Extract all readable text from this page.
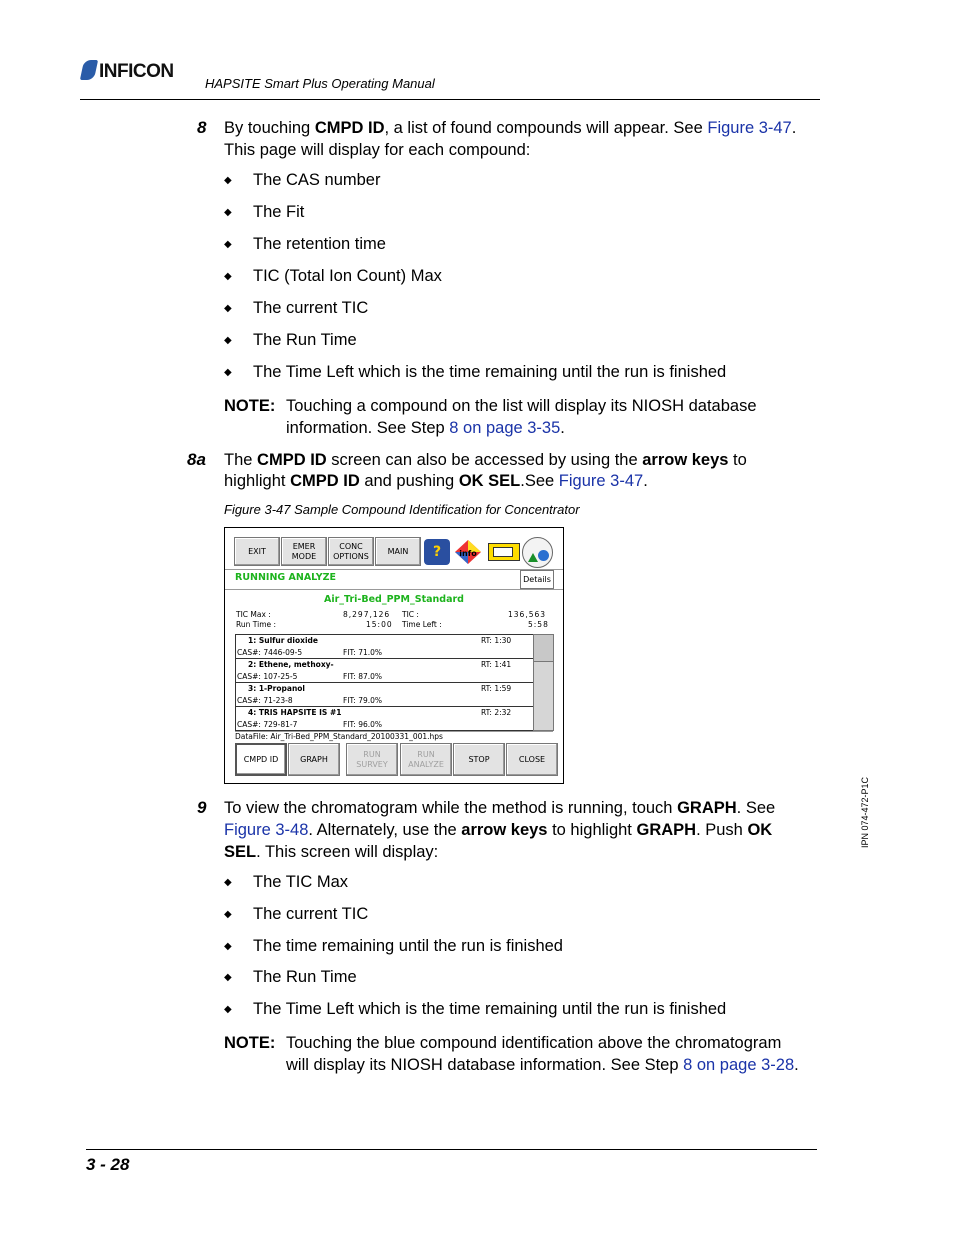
INFICON
HAPSITE Smart Plus Operating Manual
8 By touching CMPD ID, a list of found compounds will appear. See Figure 3-47.
This page will display for each compound:
◆ The CAS number
◆ The Fit
◆ The retention time
◆ TIC (Total Ion Count) Max
◆ The current TIC
◆ The Run Time
◆ The Time Left which is the time remaining until the run is finished
NOTE: Touching a compound on the list will display its NIOSH database
information. See Step 8 on page 3-35.
8a The CMPD ID screen can also be accessed by using the arrow keys to
highlight CMPD ID and pushing OK SEL.See Figure 3-47.
Figure 3-47 Sample Compound Identification for Concentrator
EXIT
EMER MODE
CONC OPTIONS
MAIN	?	info
RUNNING ANALYZE	Details
Air_Tri-Bed_PPM_Standard
TIC Max :	8,297,126 TIC :	136,563
Run Time :	15:00 Time Left :	5:58
1: Sulfur dioxide	RT: 1:30
CAS#: 7446-09-5	FIT: 71.0%
2: Ethene, methoxy-	RT: 1:41
CAS#: 107-25-5	FIT: 87.0%
3: 1-Propanol	RT: 1:59
CAS#: 71-23-8	FIT: 79.0%
4: TRIS HAPSITE IS #1	RT: 2:32
CAS#: 729-81-7	FIT: 96.0%
DataFile: Air_Tri-Bed_PPM_Standard_20100331_001.hps
CMPD ID	GRAPH
RUN SURVEY
RUN ANALYZE
STOP	CLOSE
9 To view the chromatogram while the method is running, touch GRAPH. See
Figure 3-48. Alternately, use the arrow keys to highlight GRAPH. Push OK
SEL. This screen will display:
◆ The TIC Max
◆ The current TIC
◆ The time remaining until the run is finished
◆ The Run Time
◆ The Time Left which is the time remaining until the run is finished
NOTE: Touching the blue compound identification above the chromatogram
will display its NIOSH database information. See Step 8 on page 3-28.
IPN 074-472-P1C
3 - 28
